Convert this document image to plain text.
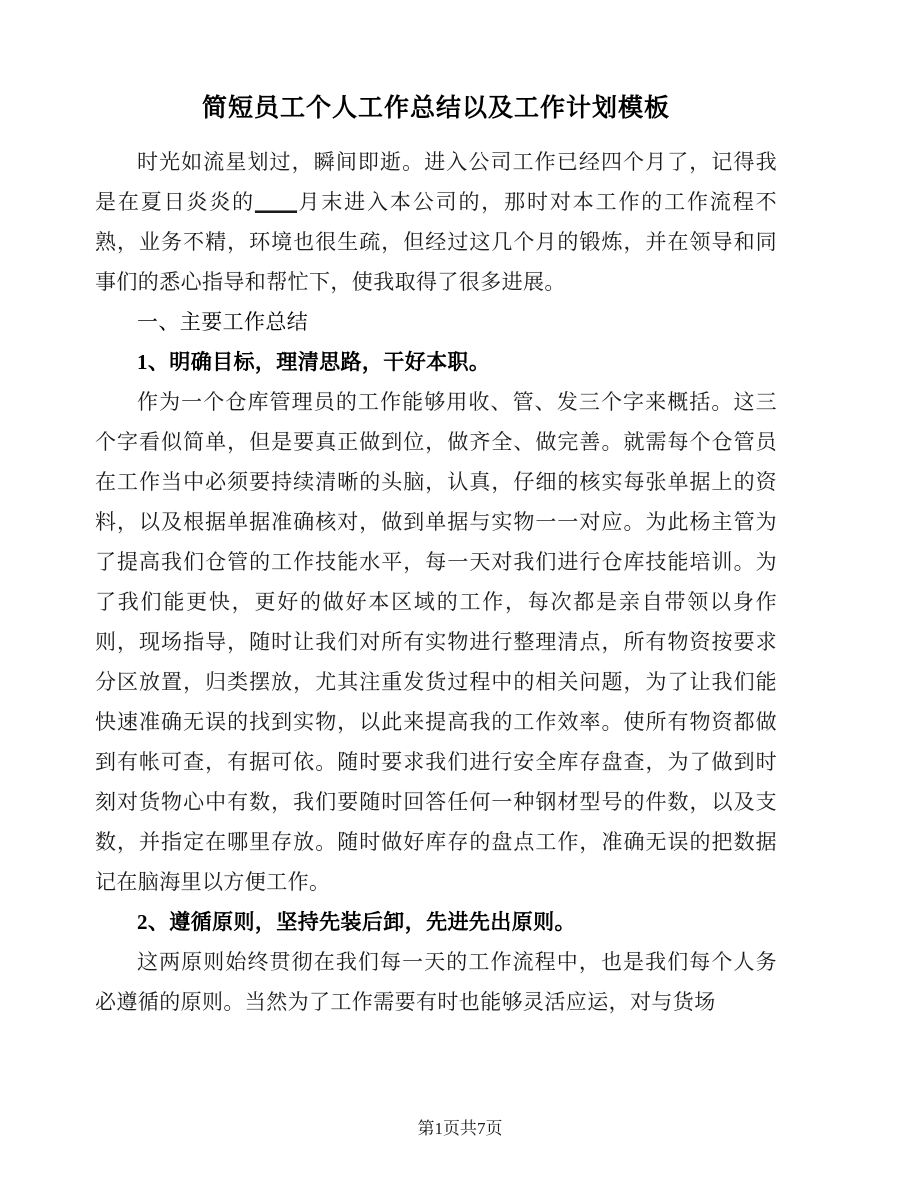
简短员工个人工作总结以及工作计划模板

时光如流星划过，瞬间即逝。进入公司工作已经四个月了，记得我是在夏日炎炎的____月末进入本公司的，那时对本工作的工作流程不熟，业务不精，环境也很生疏，但经过这几个月的锻炼，并在领导和同事们的悉心指导和帮忙下，使我取得了很多进展。

一、主要工作总结

1、明确目标，理清思路，干好本职。

作为一个仓库管理员的工作能够用收、管、发三个字来概括。这三个字看似简单，但是要真正做到位，做齐全、做完善。就需每个仓管员在工作当中必须要持续清晰的头脑，认真，仔细的核实每张单据上的资料，以及根据单据准确核对，做到单据与实物一一对应。为此杨主管为了提高我们仓管的工作技能水平，每一天对我们进行仓库技能培训。为了我们能更快，更好的做好本区域的工作，每次都是亲自带领以身作则，现场指导，随时让我们对所有实物进行整理清点，所有物资按要求分区放置，归类摆放，尤其注重发货过程中的相关问题，为了让我们能快速准确无误的找到实物，以此来提高我的工作效率。使所有物资都做到有帐可查，有据可依。随时要求我们进行安全库存盘查，为了做到时刻对货物心中有数，我们要随时回答任何一种钢材型号的件数，以及支数，并指定在哪里存放。随时做好库存的盘点工作，准确无误的把数据记在脑海里以方便工作。

2、遵循原则，坚持先装后卸，先进先出原则。

这两原则始终贯彻在我们每一天的工作流程中，也是我们每个人务必遵循的原则。当然为了工作需要有时也能够灵活应运，对与货场

第1页共7页
